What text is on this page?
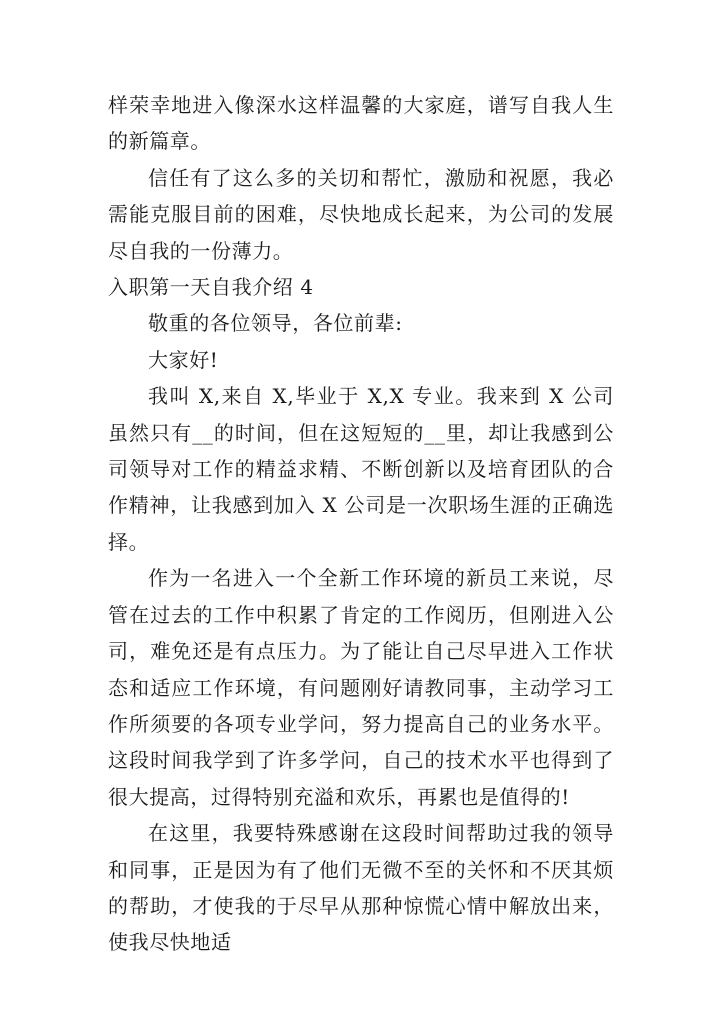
样荣幸地进入像深水这样温馨的大家庭，谱写自我人生的新篇章。

信任有了这么多的关切和帮忙，激励和祝愿，我必需能克服目前的困难，尽快地成长起来，为公司的发展尽自我的一份薄力。

入职第一天自我介绍 4

敬重的各位领导，各位前辈:

大家好!

我叫 X,来自 X,毕业于 X,X 专业。我来到 X 公司虽然只有__的时间，但在这短短的__里，却让我感到公司领导对工作的精益求精、不断创新以及培育团队的合作精神，让我感到加入 X 公司是一次职场生涯的正确选择。

作为一名进入一个全新工作环境的新员工来说，尽管在过去的工作中积累了肯定的工作阅历，但刚进入公司，难免还是有点压力。为了能让自己尽早进入工作状态和适应工作环境，有问题刚好请教同事，主动学习工作所须要的各项专业学问，努力提高自己的业务水平。这段时间我学到了许多学问，自己的技术水平也得到了很大提高，过得特别充溢和欢乐，再累也是值得的!

在这里，我要特殊感谢在这段时间帮助过我的领导和同事，正是因为有了他们无微不至的关怀和不厌其烦的帮助，才使我的于尽早从那种惊慌心情中解放出来，使我尽快地适
